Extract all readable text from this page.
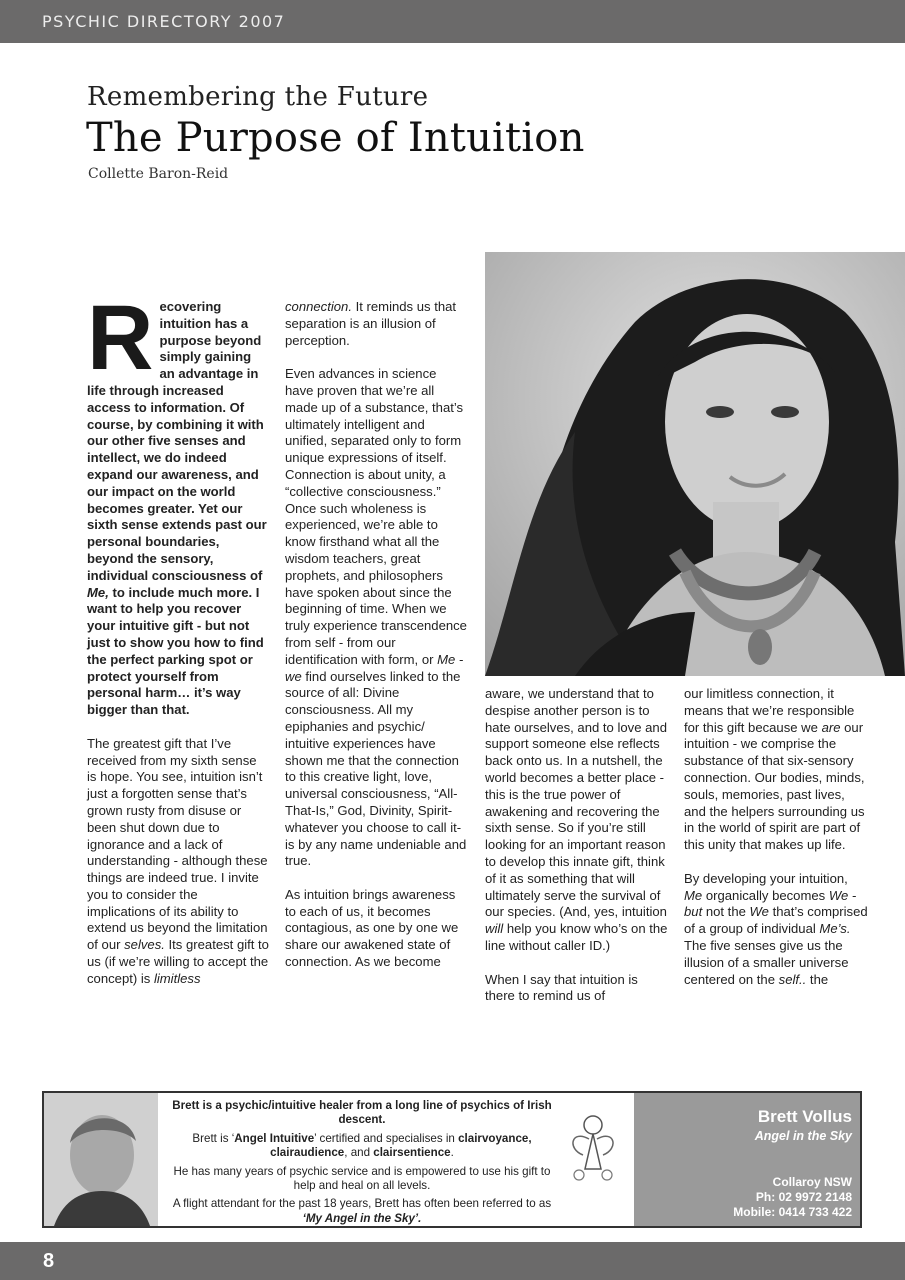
PSYCHIC DIRECTORY 2007
Remembering the Future
The Purpose of Intuition
Collette Baron-Reid

Recovering intuition has a purpose beyond simply gaining an advantage in life through increased access to information. Of course, by combining it with our other five senses and intellect, we do indeed expand our awareness, and our impact on the world becomes greater. Yet our sixth sense extends past our personal boundaries, beyond the sensory, individual consciousness of Me, to include much more. I want to help you recover your intuitive gift - but not just to show you how to find the perfect parking spot or protect yourself from personal harm… it’s way bigger than that.

The greatest gift that I’ve received from my sixth sense is hope. You see, intuition isn’t just a forgotten sense that’s grown rusty from disuse or been shut down due to ignorance and a lack of understanding - although these things are indeed true. I invite you to consider the implications of its ability to extend us beyond the limitation of our selves. Its greatest gift to us (if we’re willing to accept the concept) is limitless

connection. It reminds us that separation is an illusion of perception.

Even advances in science have proven that we’re all made up of a substance, that’s ultimately intelligent and unified, separated only to form unique expressions of itself. Connection is about unity, a “collective consciousness.” Once such wholeness is experienced, we’re able to know firsthand what all the wisdom teachers, great prophets, and philosophers have spoken about since the beginning of time. When we truly experience transcendence from self - from our identification with form, or Me - we find ourselves linked to the source of all: Divine consciousness. All my epiphanies and psychic/ intuitive experiences have shown me that the connection to this creative light, love, universal consciousness, “All-That-Is,” God, Divinity, Spirit-whatever you choose to call it-is by any name undeniable and true.

As intuition brings awareness to each of us, it becomes contagious, as one by one we share our awakened state of connection. As we become

aware, we understand that to despise another person is to hate ourselves, and to love and support someone else reflects back onto us. In a nutshell, the world becomes a better place - this is the true power of awakening and recovering the sixth sense. So if you’re still looking for an important reason to develop this innate gift, think of it as something that will ultimately serve the survival of our species. (And, yes, intuition will help you know who’s on the line without caller ID.)

When I say that intuition is there to remind us of

our limitless connection, it means that we’re responsible for this gift because we are our intuition - we comprise the substance of that six-sensory connection. Our bodies, minds, souls, memories, past lives, and the helpers surrounding us in the world of spirit are part of this unity that makes up life.

By developing your intuition, Me organically becomes We - but not the We that’s comprised of a group of individual Me’s. The five senses give us the illusion of a smaller universe centered on the self.. the

Brett is a psychic/intuitive healer from a long line of psychics of Irish descent.

Brett is ‘Angel Intuitive’ certified and specialises in clairvoyance, clairaudience, and clairsentience.

He has many years of psychic service and is empowered to use his gift to help and heal on all levels.

A flight attendant for the past 18 years, Brett has often been referred to as

‘My Angel in the Sky’.

Brett Vollus
Angel in the Sky
Collaroy NSW
Ph: 02 9972 2148
Mobile: 0414 733 422
8
